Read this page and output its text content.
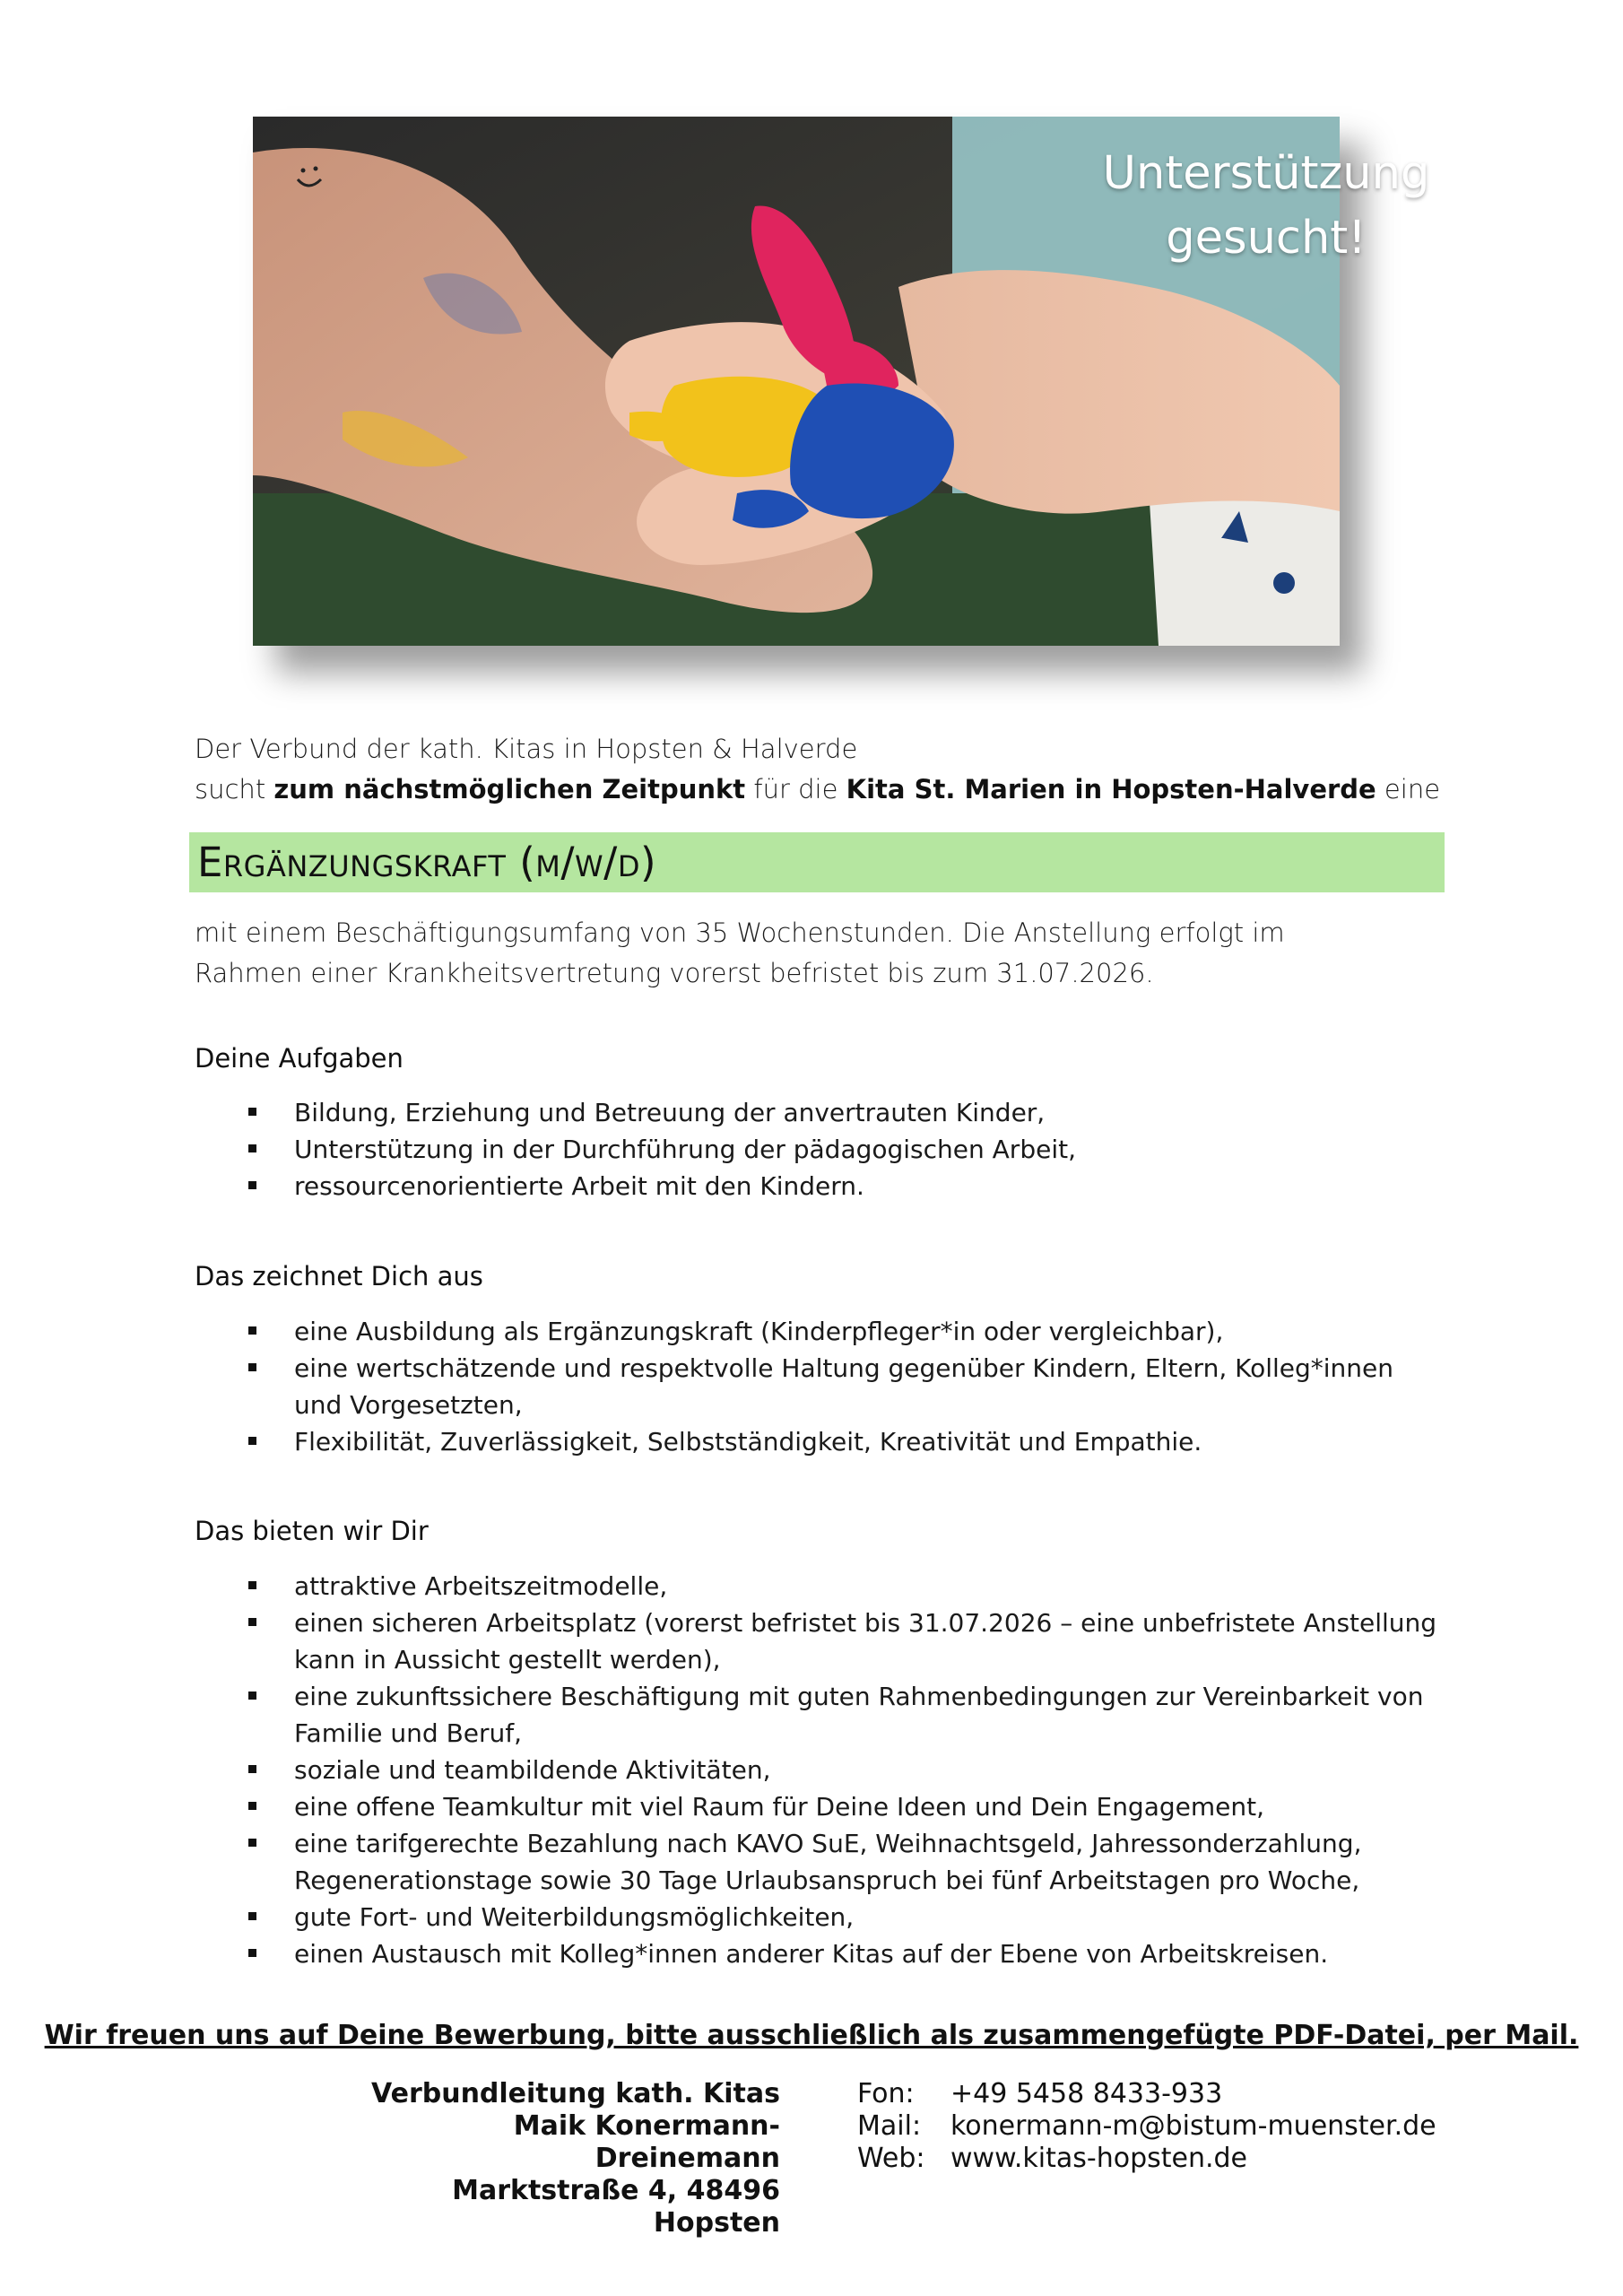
Unterstützung
gesucht!
Der Verbund der kath. Kitas in Hopsten & Halverde
sucht zum nächstmöglichen Zeitpunkt für die Kita St. Marien in Hopsten-Halverde eine
Ergänzungskraft (m/w/d)
mit einem Beschäftigungsumfang von 35 Wochenstunden. Die Anstellung erfolgt im
Rahmen einer Krankheitsvertretung vorerst befristet bis zum 31.07.2026.
Deine Aufgaben
Bildung, Erziehung und Betreuung der anvertrauten Kinder,
Unterstützung in der Durchführung der pädagogischen Arbeit,
ressourcenorientierte Arbeit mit den Kindern.
Das zeichnet Dich aus
eine Ausbildung als Ergänzungskraft (Kinderpfleger*in oder vergleichbar),
eine wertschätzende und respektvolle Haltung gegenüber Kindern, Eltern, Kolleg*innen und Vorgesetzten,
Flexibilität, Zuverlässigkeit, Selbstständigkeit, Kreativität und Empathie.
Das bieten wir Dir
attraktive Arbeitszeitmodelle,
einen sicheren Arbeitsplatz (vorerst befristet bis 31.07.2026 – eine unbefristete Anstellung kann in Aussicht gestellt werden),
eine zukunftssichere Beschäftigung mit guten Rahmenbedingungen zur Vereinbarkeit von Familie und Beruf,
soziale und teambildende Aktivitäten,
eine offene Teamkultur mit viel Raum für Deine Ideen und Dein Engagement,
eine tarifgerechte Bezahlung nach KAVO SuE, Weihnachtsgeld, Jahressonderzahlung, Regenerationstage sowie 30 Tage Urlaubsanspruch bei fünf Arbeitstagen pro Woche,
gute Fort- und Weiterbildungsmöglichkeiten,
einen Austausch mit Kolleg*innen anderer Kitas auf der Ebene von Arbeitskreisen.
Wir freuen uns auf Deine Bewerbung, bitte ausschließlich als zusammengefügte PDF-Datei, per Mail.
Verbundleitung kath. Kitas
Maik Konermann-Dreinemann
Marktstraße 4, 48496 Hopsten
Fon:	+49 5458 8433-933
Mail:	konermann-m@bistum-muenster.de
Web: www.kitas-hopsten.de
